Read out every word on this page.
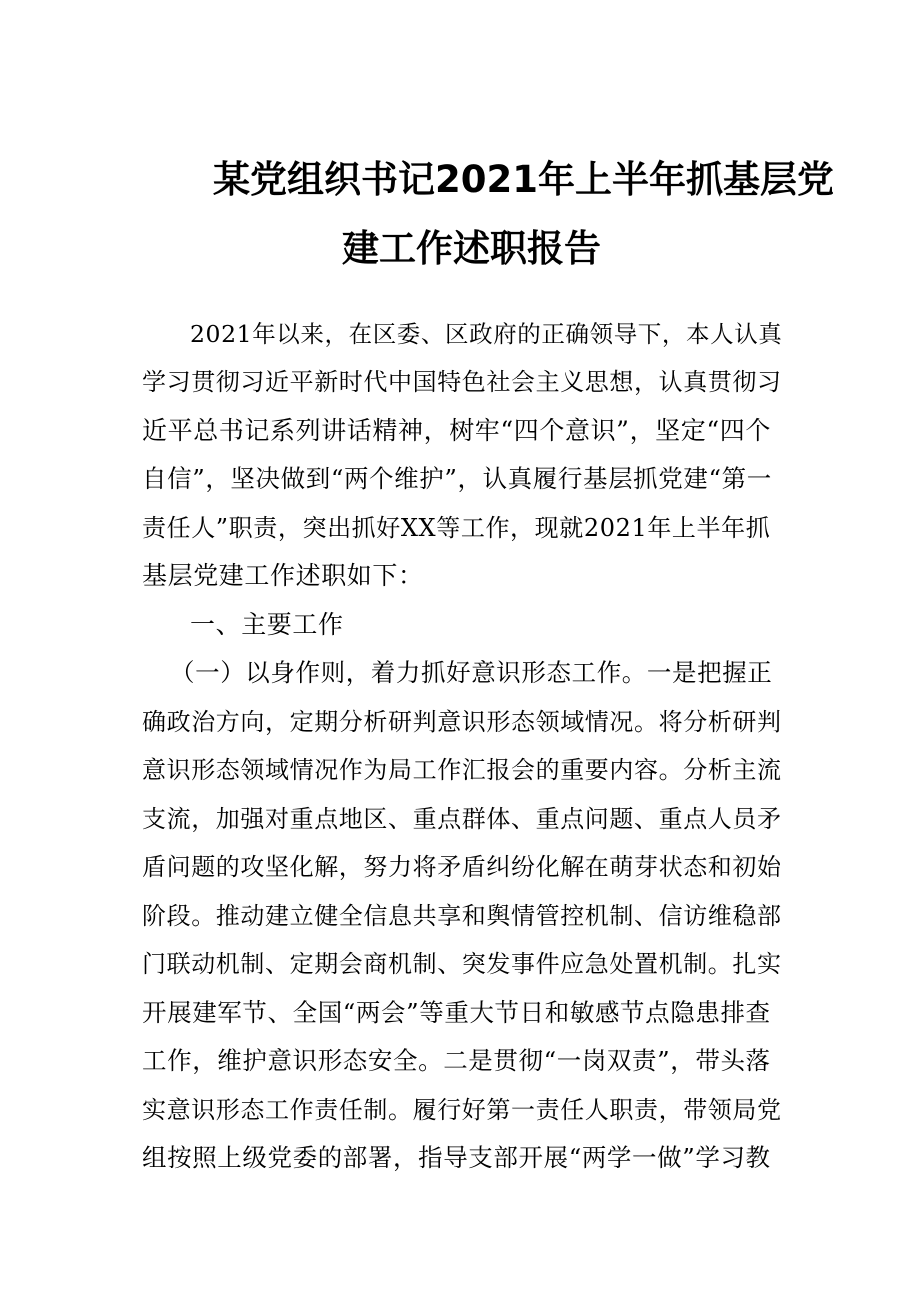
某党组织书记2021年上半年抓基层党
建工作述职报告
2021年以来，在区委、区政府的正确领导下，本人认真
学习贯彻习近平新时代中国特色社会主义思想，认真贯彻习
近平总书记系列讲话精神，树牢“四个意识”，坚定“四个
自信”，坚决做到“两个维护”，认真履行基层抓党建“第一
责任人”职责，突出抓好XX等工作，现就2021年上半年抓
基层党建工作述职如下：
一、主要工作
（一）以身作则，着力抓好意识形态工作。一是把握正
确政治方向，定期分析研判意识形态领域情况。将分析研判
意识形态领域情况作为局工作汇报会的重要内容。分析主流
支流，加强对重点地区、重点群体、重点问题、重点人员矛
盾问题的攻坚化解，努力将矛盾纠纷化解在萌芽状态和初始
阶段。推动建立健全信息共享和舆情管控机制、信访维稳部
门联动机制、定期会商机制、突发事件应急处置机制。扎实
开展建军节、全国“两会”等重大节日和敏感节点隐患排查
工作，维护意识形态安全。二是贯彻“一岗双责”，带头落
实意识形态工作责任制。履行好第一责任人职责，带领局党
组按照上级党委的部署，指导支部开展“两学一做”学习教
